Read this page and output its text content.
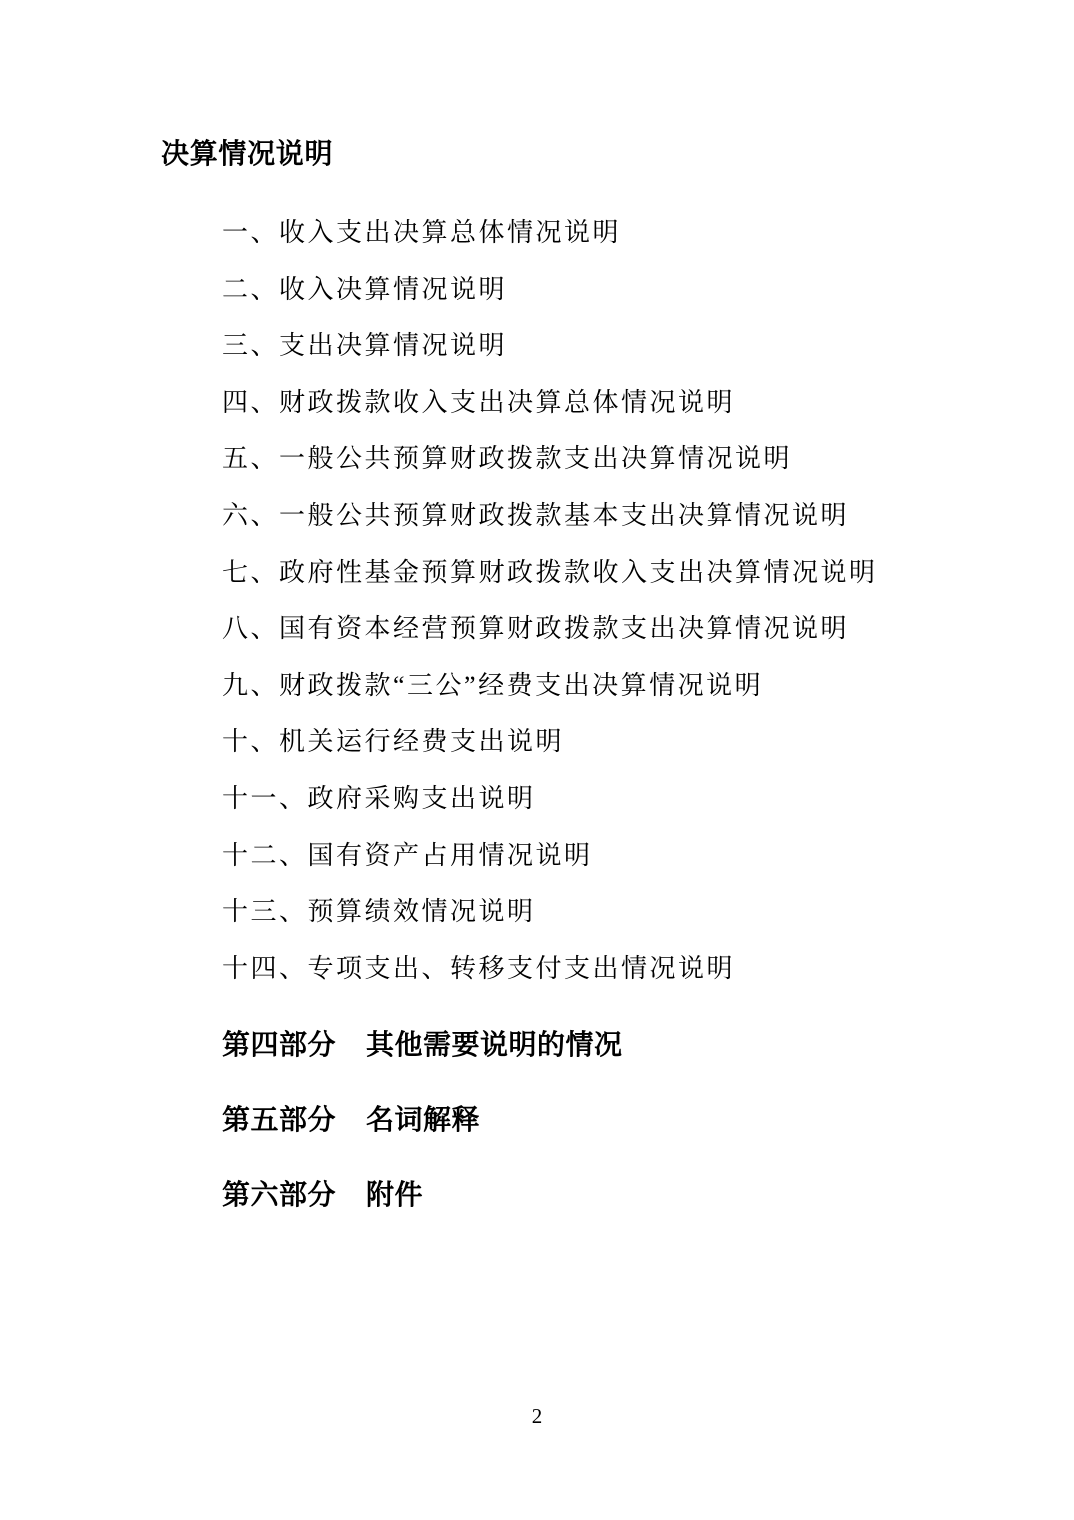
决算情况说明
一、收入支出决算总体情况说明
二、收入决算情况说明
三、支出决算情况说明
四、财政拨款收入支出决算总体情况说明
五、一般公共预算财政拨款支出决算情况说明
六、一般公共预算财政拨款基本支出决算情况说明
七、政府性基金预算财政拨款收入支出决算情况说明
八、国有资本经营预算财政拨款支出决算情况说明
九、财政拨款“三公”经费支出决算情况说明
十、机关运行经费支出说明
十一、政府采购支出说明
十二、国有资产占用情况说明
十三、预算绩效情况说明
十四、专项支出、转移支付支出情况说明
第四部分 其他需要说明的情况
第五部分 名词解释
第六部分 附件
2
